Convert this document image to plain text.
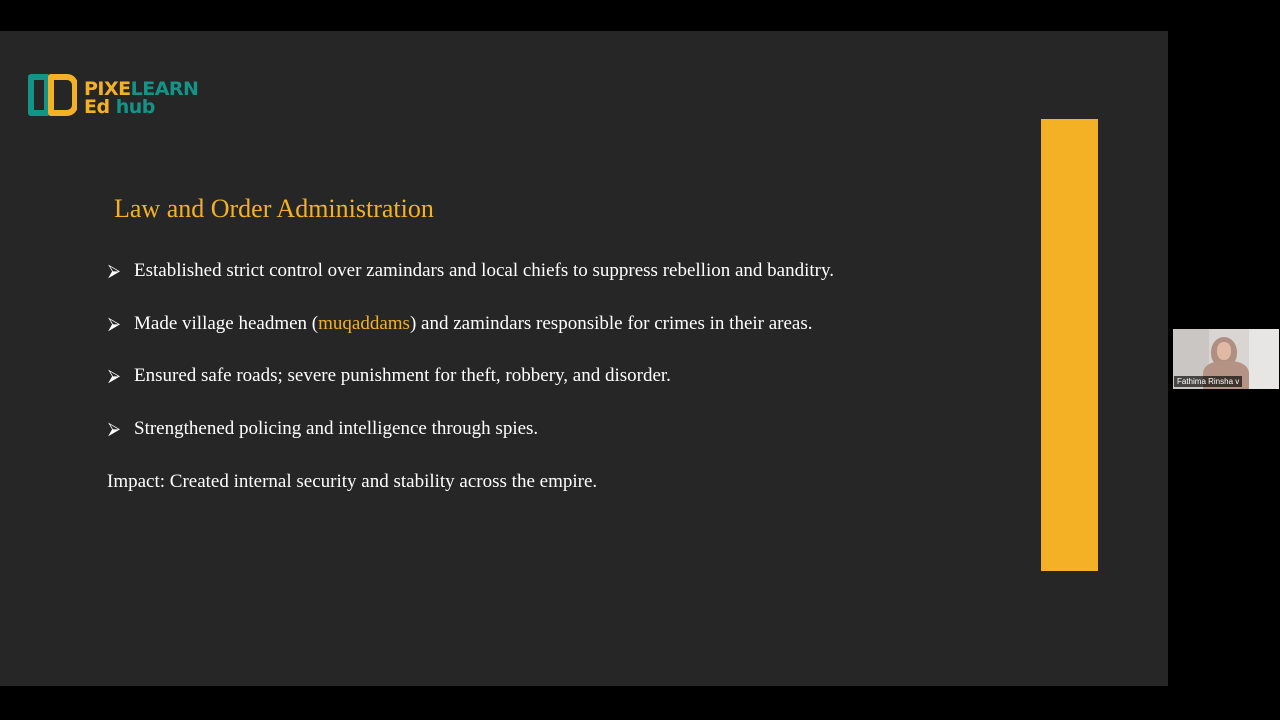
PIXELEARN
Ed hub
Law and Order Administration
⮚ Established strict control over zamindars and local chiefs to suppress rebellion and banditry.
⮚ Made village headmen (muqaddams) and zamindars responsible for crimes in their areas.
⮚ Ensured safe roads; severe punishment for theft, robbery, and disorder.
⮚ Strengthened policing and intelligence through spies.
Impact: Created internal security and stability across the empire.
Fathima Rinsha v
